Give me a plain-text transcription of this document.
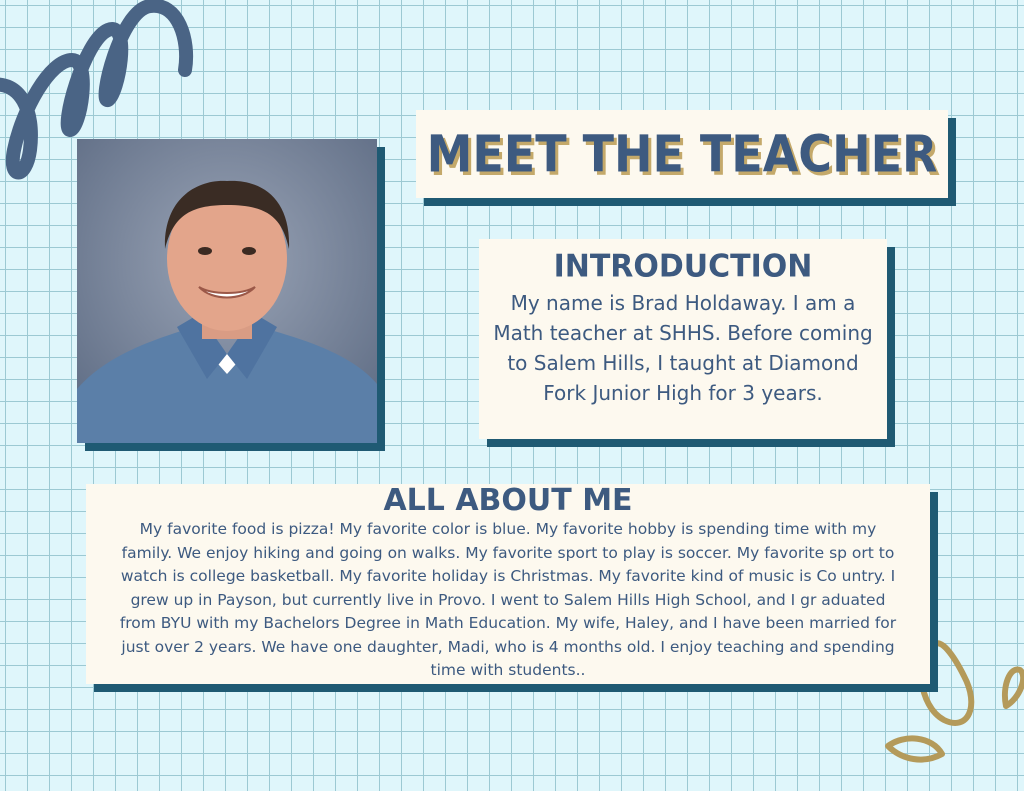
MEET THE TEACHER
INTRODUCTION
My name is Brad Holdaway. I am a Math teacher at SHHS. Before coming to Salem Hills, I taught at Diamond Fork Junior High for 3 years.
ALL ABOUT ME
My favorite food is pizza! My favorite color is blue. My favorite hobby is spending time with my family. We enjoy hiking and going on walks. My favorite sport to play is soccer. My favorite sp ort to watch is college basketball. My favorite holiday is Christmas. My favorite kind of music is Co untry. I grew up in Payson, but currently live in Provo. I went to Salem Hills High School, and I gr aduated from BYU with my Bachelors Degree in Math Education. My wife, Haley, and I have been married for just over 2 years. We have one daughter, Madi, who is 4 months old. I enjoy teaching and spending time with students..
